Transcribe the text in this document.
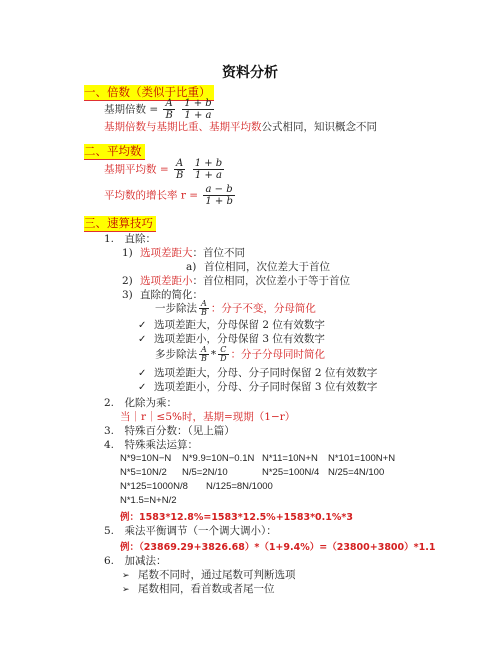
资料分析
一、倍数（类似于比重）
基期倍数 = $\frac{A}{B}$
$\frac{1 + b}{1 + a}$
基期倍数与基期比重、基期平均数公式相同，知识概念不同
二、平均数
基期平均数 = $\frac{A}{B}$
$\frac{1 + b}{1 + a}$
平均数的增长率 $r = \frac{a - b}{1 + b}$
三、速算技巧
1.　直除：
1) 选项差距大：首位不同
a) 首位相同，次位差大于首位
2) 选项差距小：首位相同，次位差小于等于首位
3) 直除的简化：
一步除法 $\frac{A}{B}$ ：分子不变，分母简化
✓ 选项差距大，分母保留 2 位有效数字
✓ 选项差距小，分母保留 3 位有效数字
多步除法 $\frac{A}{B} * \frac{C}{D}$ ：分子分母同时简化
✓ 选项差距大，分母、分子同时保留 2 位有效数字
✓ 选项差距小，分母、分子同时保留 3 位有效数字
2.　化除为乘：
当｜r｜≤5%时，基期=现期（1−r）
3.　特殊百分数：（见上篇）
4.　特殊乘法运算：
N*9=10N−N N*9.9=10N−0.1N N*11=10N+N N*101=100N+N
N*5=10N/2 N/5=2N/10	N*25=100N/4 N/25=4N/100
N*125=1000N/8 N/125=8N/1000
N*1.5=N+N/2
例：1583*12.8%=1583*12.5%+1583*0.1%*3
5.　乘法平衡调节（一个调大调小）：
例：（23869.29+3826.68）*（1+9.4%）=（23800+3800）*1.1
6.　加减法：
➢ 尾数不同时，通过尾数可判断选项
➢ 尾数相同，看首数或者尾一位
